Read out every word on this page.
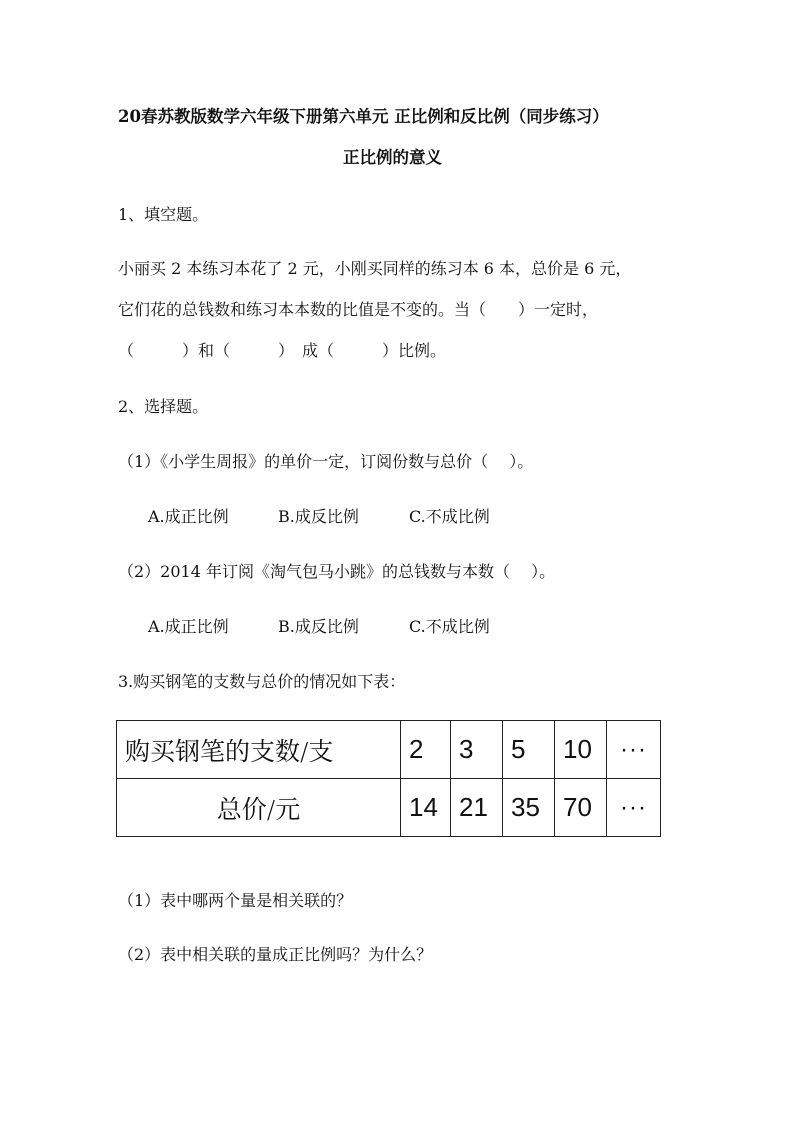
20春苏教版数学六年级下册第六单元 正比例和反比例（同步练习）
正比例的意义
1、填空题。
小丽买 2 本练习本花了 2 元，小刚买同样的练习本 6 本，总价是 6 元，
它们花的总钱数和练习本本数的比值是不变的。当（　　）一定时，
（　　　）和（　　　）　成（　　　）比例。
2、选择题。
（1）《小学生周报》的单价一定，订阅份数与总价（　 ）。
A.成正比例	B.成反比例	C.不成比例
（2）2014 年订阅《淘气包马小跳》的总钱数与本数（　 ）。
A.成正比例	B.成反比例	C.不成比例
3.购买钢笔的支数与总价的情况如下表：
购买钢笔的支数/支	2	3	5	10	···
总价/元	14	21	35	70	···
（1）表中哪两个量是相关联的？
（2）表中相关联的量成正比例吗？为什么？
